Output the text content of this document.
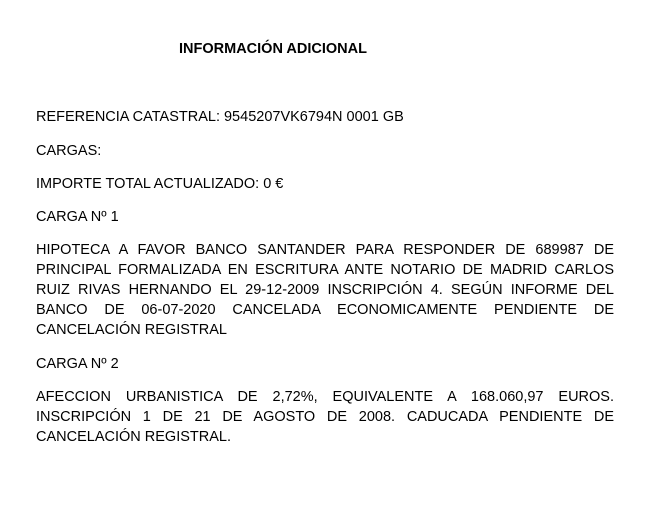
INFORMACIÓN ADICIONAL
REFERENCIA CATASTRAL: 9545207VK6794N 0001 GB
CARGAS:
IMPORTE TOTAL ACTUALIZADO: 0 €
CARGA Nº 1
HIPOTECA A FAVOR BANCO SANTANDER PARA RESPONDER DE 689987 DE PRINCIPAL FORMALIZADA EN ESCRITURA ANTE NOTARIO DE MADRID CARLOS RUIZ RIVAS HERNANDO EL 29-12-2009 INSCRIPCIÓN 4. SEGÚN INFORME DEL BANCO DE 06-07-2020 CANCELADA ECONOMICAMENTE PENDIENTE DE CANCELACIÓN REGISTRAL
CARGA Nº 2
AFECCION URBANISTICA DE 2,72%, EQUIVALENTE A 168.060,97 EUROS. INSCRIPCIÓN 1 DE 21 DE AGOSTO DE 2008. CADUCADA PENDIENTE DE CANCELACIÓN REGISTRAL.
